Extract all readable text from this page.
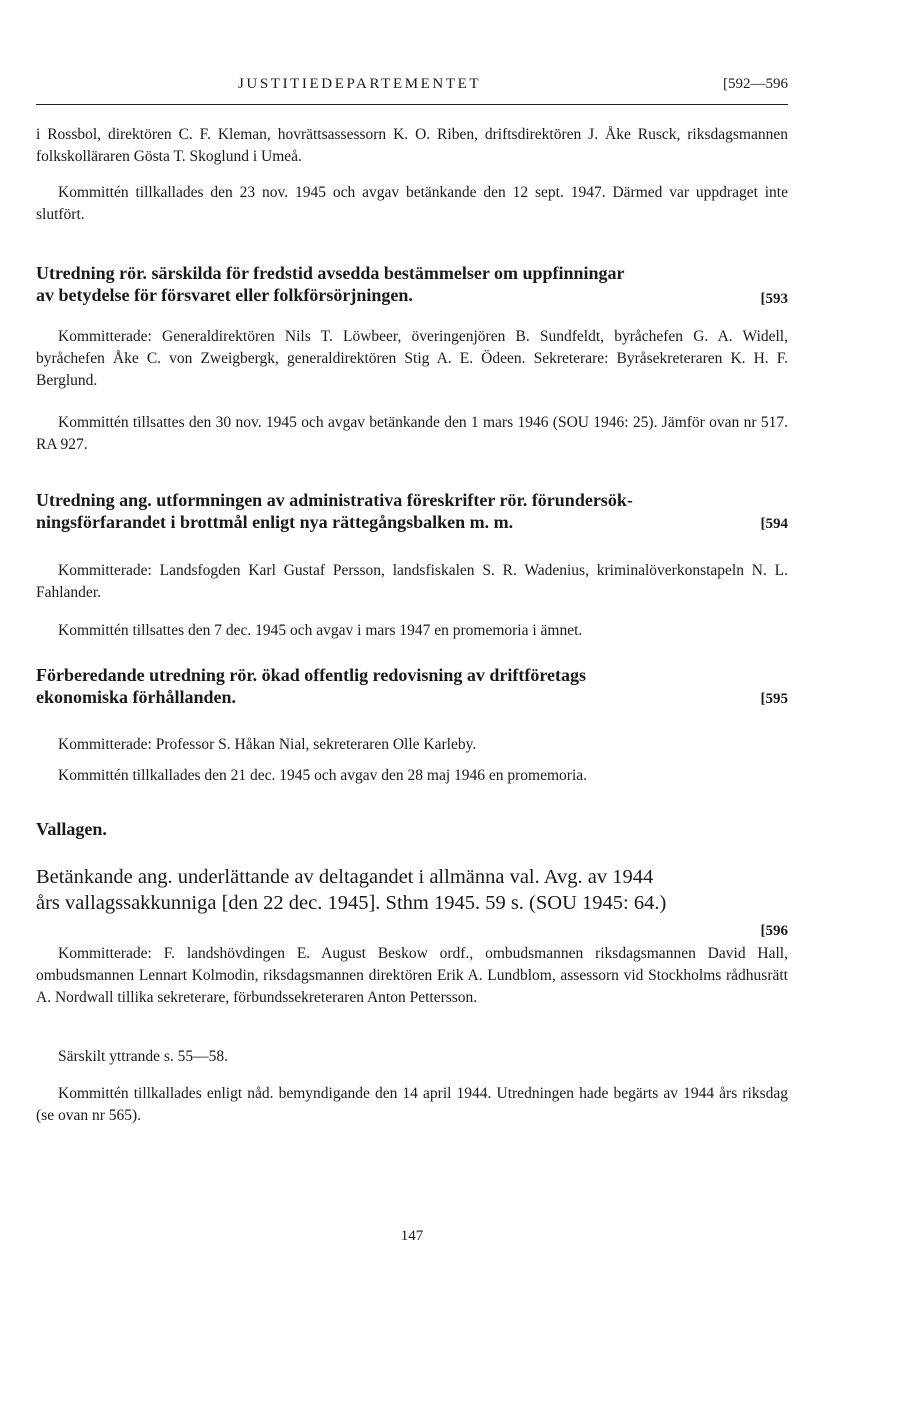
JUSTITIEDEPARTEMENTET	[592—596
i Rossbol, direktören C. F. Kleman, hovrättsassessorn K. O. Riben, driftsdirektören J. Åke Rusck, riksdagsmannen folkskolläraren Gösta T. Skoglund i Umeå.
Kommittén tillkallades den 23 nov. 1945 och avgav betänkande den 12 sept. 1947. Därmed var uppdraget inte slutfört.
Utredning rör. särskilda för fredstid avsedda bestämmelser om uppfinningar
av betydelse för försvaret eller folkförsörjningen.	[593
Kommitterade: Generaldirektören Nils T. Löwbeer, överingenjören B. Sundfeldt, byråchefen G. A. Widell, byråchefen Åke C. von Zweigbergk, generaldirektören Stig A. E. Ödeen. Sekreterare: Byråsekreteraren K. H. F. Berglund.
Kommittén tillsattes den 30 nov. 1945 och avgav betänkande den 1 mars 1946 (SOU 1946: 25). Jämför ovan nr 517. RA 927.
Utredning ang. utformningen av administrativa föreskrifter rör. förundersök-
ningsförfarandet i brottmål enligt nya rättegångsbalken m. m.	[594
Kommitterade: Landsfogden Karl Gustaf Persson, landsfiskalen S. R. Wadenius, kriminalöverkonstapeln N. L. Fahlander.
Kommittén tillsattes den 7 dec. 1945 och avgav i mars 1947 en promemoria i ämnet.
Förberedande utredning rör. ökad offentlig redovisning av driftföretags
ekonomiska förhållanden.	[595
Kommitterade: Professor S. Håkan Nial, sekreteraren Olle Karleby.
Kommittén tillkallades den 21 dec. 1945 och avgav den 28 maj 1946 en promemoria.
Vallagen.
Betänkande ang. underlättande av deltagandet i allmänna val. Avg. av 1944
års vallagssakkunniga [den 22 dec. 1945]. Sthm 1945. 59 s. (SOU 1945: 64.)
[596
Kommitterade: F. landshövdingen E. August Beskow ordf., ombudsmannen riksdagsmannen David Hall, ombudsmannen Lennart Kolmodin, riksdagsmannen direktören Erik A. Lundblom, assessorn vid Stockholms rådhusrätt A. Nordwall tillika sekreterare, förbundssekreteraren Anton Pettersson.
Särskilt yttrande s. 55—58.
Kommittén tillkallades enligt nåd. bemyndigande den 14 april 1944. Utredningen hade begärts av 1944 års riksdag (se ovan nr 565).
147
